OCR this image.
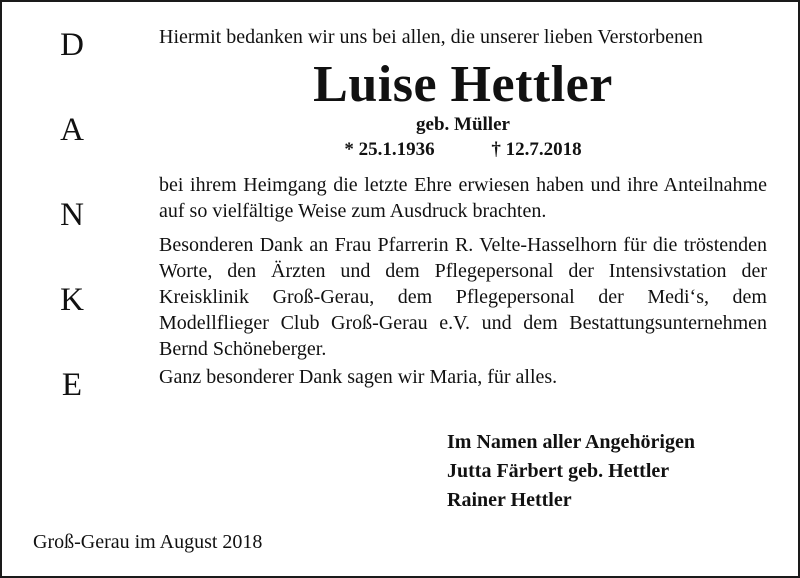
D
A
N
K
E

Hiermit bedanken wir uns bei allen, die unserer lieben Verstorbenen

Luise Hettler
geb. Müller
* 25.1.1936	† 12.7.2018

bei ihrem Heimgang die letzte Ehre erwiesen haben und ihre Anteilnahme auf so vielfältige Weise zum Ausdruck brachten.

Besonderen Dank an Frau Pfarrerin R. Velte-Hasselhorn für die tröstenden Worte, den Ärzten und dem Pflegepersonal der Intensivstation der Kreisklinik Groß-Gerau, dem Pflegepersonal der Medi‘s, dem Modellflieger Club Groß-Gerau e.V. und dem Bestattungsunternehmen Bernd Schöneberger.

Ganz besonderer Dank sagen wir Maria, für alles.

Im Namen aller Angehörigen
Jutta Färbert geb. Hettler
Rainer Hettler
Groß-Gerau im August 2018
